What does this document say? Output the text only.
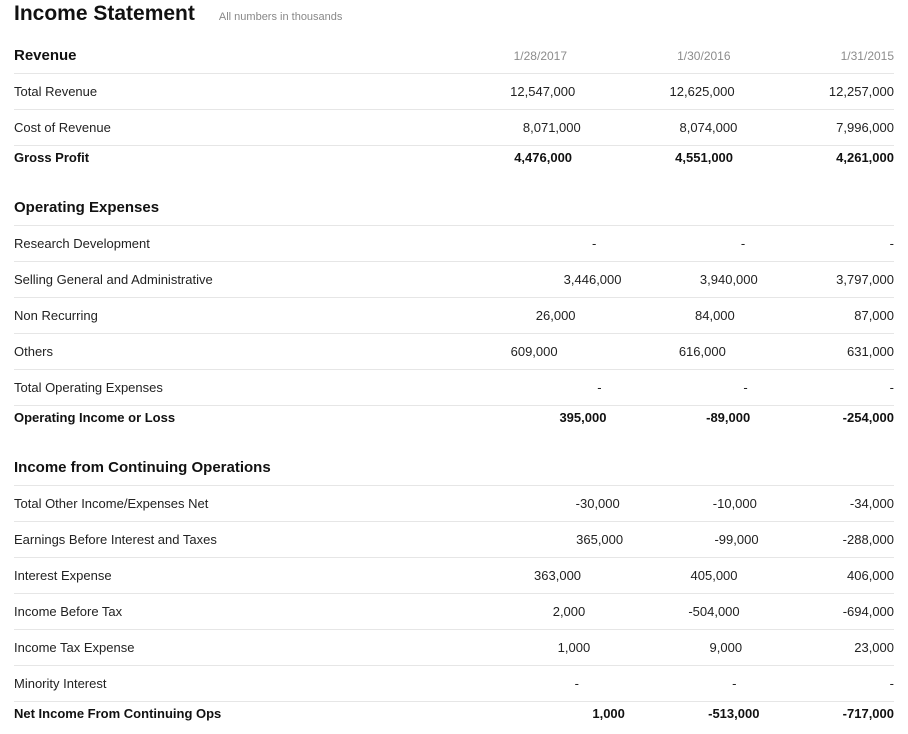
Income Statement All numbers in thousands
Revenue	1/28/2017	1/30/2016	1/31/2015
Total Revenue	12,547,000	12,625,000	12,257,000
Cost of Revenue	8,071,000	8,074,000	7,996,000
Gross Profit	4,476,000	4,551,000	4,261,000
Operating Expenses
Research Development	-	-	-
Selling General and Administrative	3,446,000	3,940,000	3,797,000
Non Recurring	26,000	84,000	87,000
Others	609,000	616,000	631,000
Total Operating Expenses	-	-	-
Operating Income or Loss	395,000	-89,000	-254,000
Income from Continuing Operations
Total Other Income/Expenses Net	-30,000	-10,000	-34,000
Earnings Before Interest and Taxes	365,000	-99,000	-288,000
Interest Expense	363,000	405,000	406,000
Income Before Tax	2,000	-504,000	-694,000
Income Tax Expense	1,000	9,000	23,000
Minority Interest	-	-	-
Net Income From Continuing Ops	1,000	-513,000	-717,000
